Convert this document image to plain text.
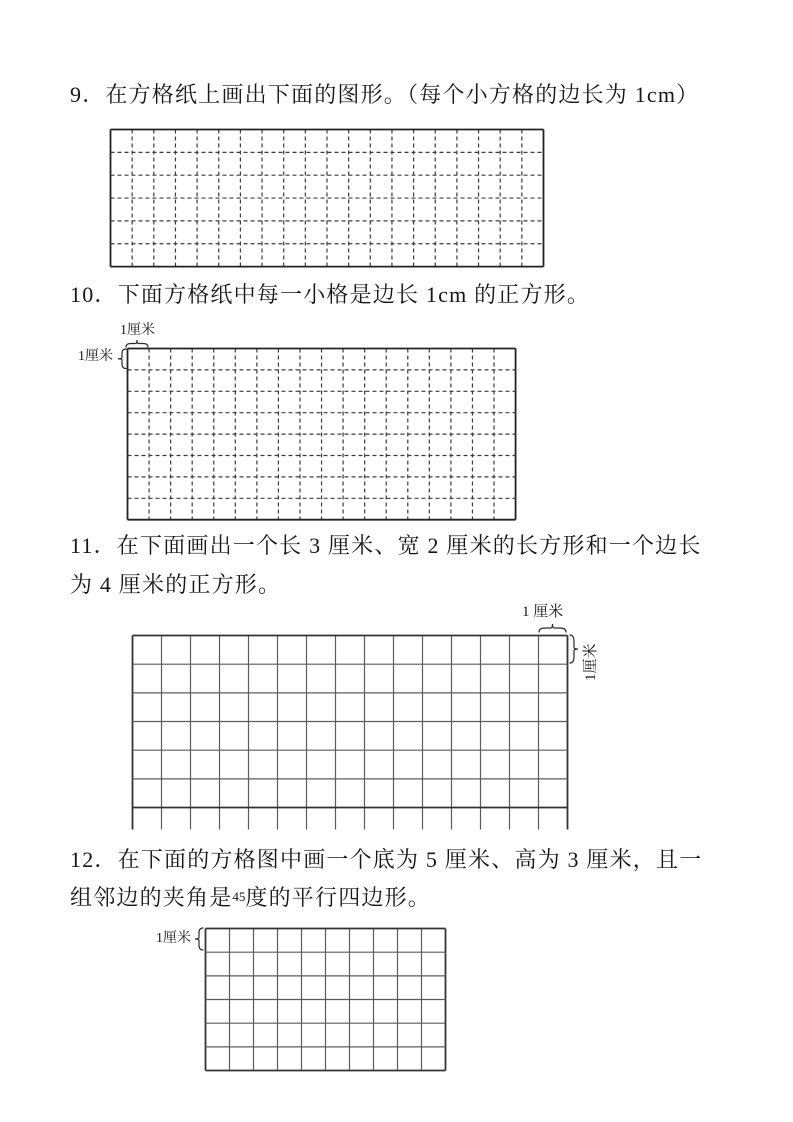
9．在方格纸上画出下面的图形。（每个小方格的边长为 1cm）
10．下面方格纸中每一小格是边长 1cm 的正方形。
1厘米
1厘米
11．在下面画出一个长 3 厘米、宽 2 厘米的长方形和一个边长
为 4 厘米的正方形。
1 厘米
1厘米
12．在下面的方格图中画一个底为 5 厘米、高为 3 厘米，且一
组邻边的夹角是45度的平行四边形。
1厘米
